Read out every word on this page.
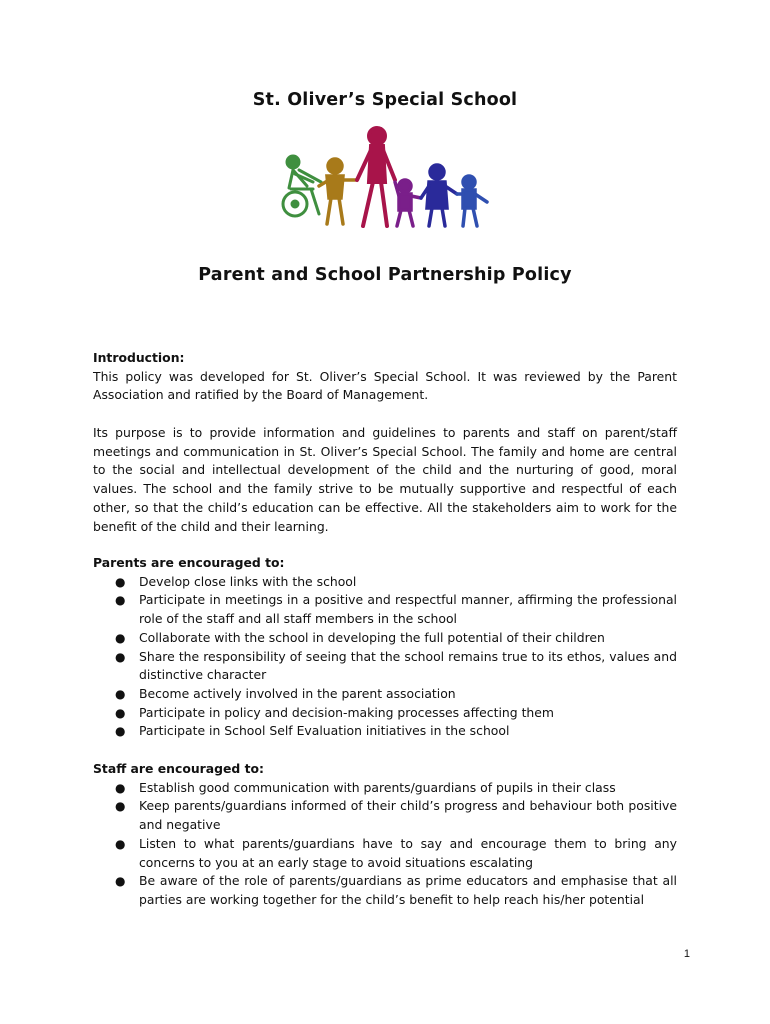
St. Oliver’s Special School
Parent and School Partnership Policy

Introduction:

This policy was developed for St. Oliver’s Special School. It was reviewed by the Parent Association and ratified by the Board of Management.

Its purpose is to provide information and guidelines to parents and staff on parent/staff meetings and communication in St. Oliver’s Special School. The family and home are central to the social and intellectual development of the child and the nurturing of good, moral values. The school and the family strive to be mutually supportive and respectful of each other, so that the child’s education can be effective. All the stakeholders aim to work for the benefit of the child and their learning.

Parents are encouraged to:

● Develop close links with the school
● Participate in meetings in a positive and respectful manner, affirming the professional role of the staff and all staff members in the school
● Collaborate with the school in developing the full potential of their children
● Share the responsibility of seeing that the school remains true to its ethos, values and distinctive character
● Become actively involved in the parent association
● Participate in policy and decision-making processes affecting them
● Participate in School Self Evaluation initiatives in the school

Staff are encouraged to:

● Establish good communication with parents/guardians of pupils in their class
● Keep parents/guardians informed of their child’s progress and behaviour both positive and negative
● Listen to what parents/guardians have to say and encourage them to bring any concerns to you at an early stage to avoid situations escalating
● Be aware of the role of parents/guardians as prime educators and emphasise that all parties are working together for the child’s benefit to help reach his/her potential
1
